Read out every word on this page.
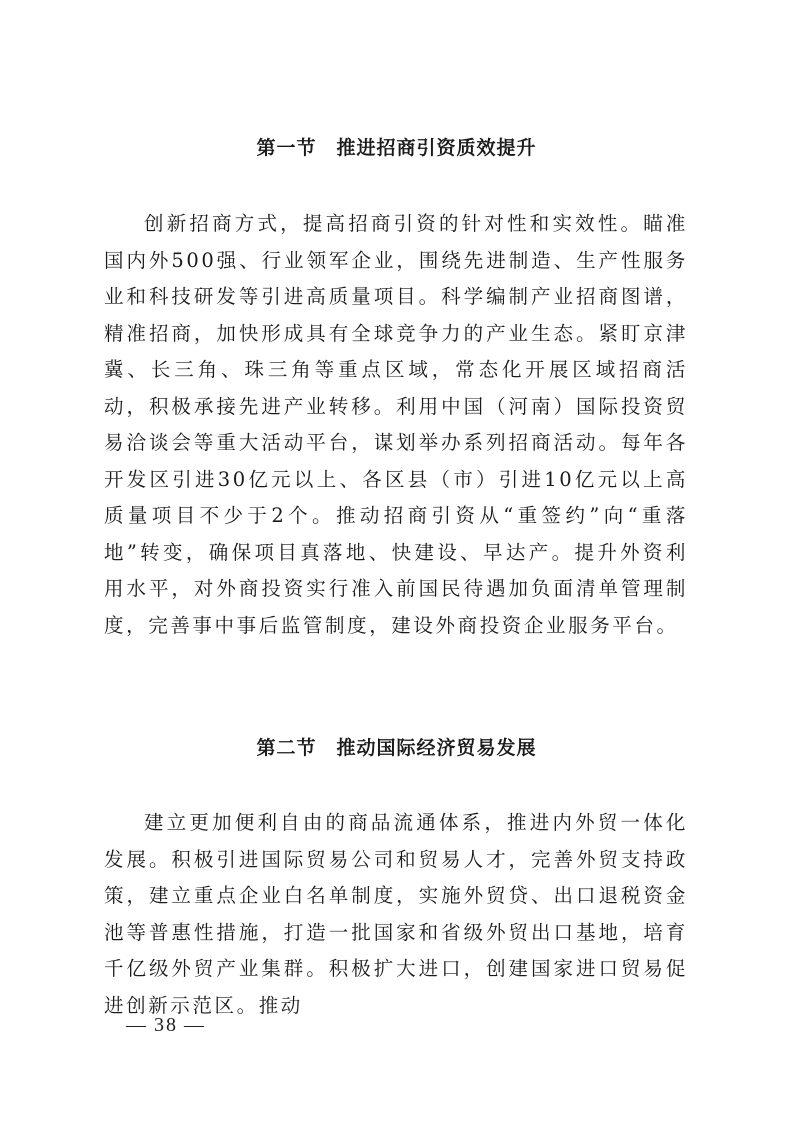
第一节 推进招商引资质效提升

创新招商方式，提高招商引资的针对性和实效性。瞄准国内外500强、行业领军企业，围绕先进制造、生产性服务业和科技研发等引进高质量项目。科学编制产业招商图谱，精准招商，加快形成具有全球竞争力的产业生态。紧盯京津冀、长三角、珠三角等重点区域，常态化开展区域招商活动，积极承接先进产业转移。利用中国（河南）国际投资贸易洽谈会等重大活动平台，谋划举办系列招商活动。每年各开发区引进30亿元以上、各区县（市）引进10亿元以上高质量项目不少于2个。推动招商引资从“重签约”向“重落地”转变，确保项目真落地、快建设、早达产。提升外资利用水平，对外商投资实行准入前国民待遇加负面清单管理制度，完善事中事后监管制度，建设外商投资企业服务平台。

第二节 推动国际经济贸易发展

建立更加便利自由的商品流通体系，推进内外贸一体化发展。积极引进国际贸易公司和贸易人才，完善外贸支持政策，建立重点企业白名单制度，实施外贸贷、出口退税资金池等普惠性措施，打造一批国家和省级外贸出口基地，培育千亿级外贸产业集群。积极扩大进口，创建国家进口贸易促进创新示范区。推动

— 38 —
